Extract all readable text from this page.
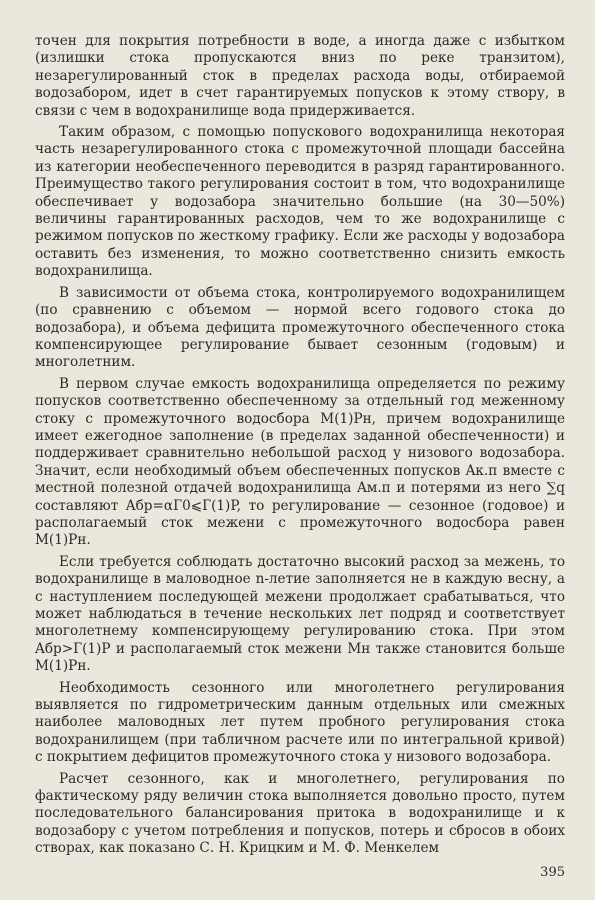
точен для покрытия потребности в воде, а иногда даже с избытком (излишки стока пропускаются вниз по реке транзитом), незарегулированный сток в пределах расхода воды, отбираемой водозабором, идет в счет гарантируемых попусков к этому створу, в связи с чем в водохранилище вода придерживается.

Таким образом, с помощью попускового водохранилища некоторая часть незарегулированного стока с промежуточной площади бассейна из категории необеспеченного переводится в разряд гарантированного. Преимущество такого регулирования состоит в том, что водохранилище обеспечивает у водозабора значительно большие (на 30—50%) величины гарантированных расходов, чем то же водохранилище с режимом попусков по жесткому графику. Если же расходы у водозабора оставить без изменения, то можно соответственно снизить емкость водохранилища.

В зависимости от объема стока, контролируемого водохранилищем (по сравнению с объемом — нормой всего годового стока до водозабора), и объема дефицита промежуточного обеспеченного стока компенсирующее регулирование бывает сезонным (годовым) и многолетним.

В первом случае емкость водохранилища определяется по режиму попусков соответственно обеспеченному за отдельный год меженному стоку с промежуточного водосбора M(1)Рн, причем водохранилище имеет ежегодное заполнение (в пределах заданной обеспеченности) и поддерживает сравнительно небольшой расход у низового водозабора. Значит, если необходимый объем обеспеченных попусков Aк.п вместе с местной полезной отдачей водохранилища Aм.п и потерями из него ∑q составляют Aбр=αГ0⩽Г(1)P, то регулирование — сезонное (годовое) и располагаемый сток межени с промежуточного водосбора равен M(1)Рн.

Если требуется соблюдать достаточно высокий расход за межень, то водохранилище в маловодное n-летие заполняется не в каждую весну, а с наступлением последующей межени продолжает срабатываться, что может наблюдаться в течение нескольких лет подряд и соответствует многолетнему компенсирующему регулированию стока. При этом Aбр>Г(1)P и располагаемый сток межени Mн также становится больше M(1)Рн.

Необходимость сезонного или многолетнего регулирования выявляется по гидрометрическим данным отдельных или смежных наиболее маловодных лет путем пробного регулирования стока водохранилищем (при табличном расчете или по интегральной кривой) с покрытием дефицитов промежуточного стока у низового водозабора.

Расчет сезонного, как и многолетнего, регулирования по фактическому ряду величин стока выполняется довольно просто, путем последовательного балансирования притока в водохранилище и к водозабору с учетом потребления и попусков, потерь и сбросов в обоих створах, как показано С. Н. Крицким и М. Ф. Менкелем

395
